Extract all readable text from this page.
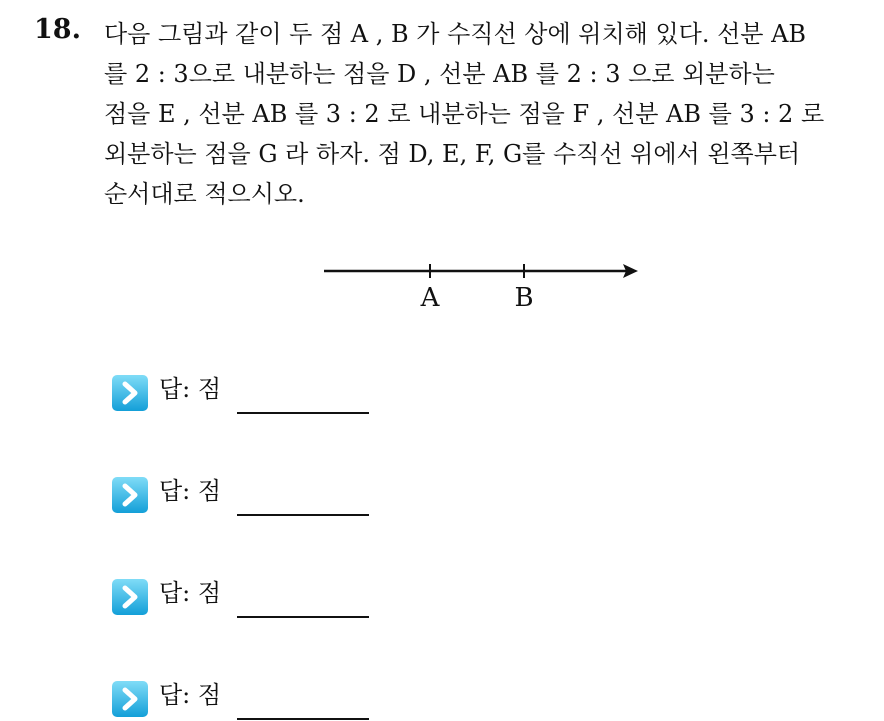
18. 다음 그림과 같이 두 점 A , B 가 수직선 상에 위치해 있다. 선분 AB
를 2 : 3으로 내분하는 점을 D , 선분 AB 를 2 : 3 으로 외분하는
점을 E , 선분 AB 를 3 : 2 로 내분하는 점을 F , 선분 AB 를 3 : 2 로
외분하는 점을 G 라 하자. 점 D, E, F, G를 수직선 위에서 왼쪽부터
순서대로 적으시오.
A	B
답: 점
답: 점
답: 점
답: 점
